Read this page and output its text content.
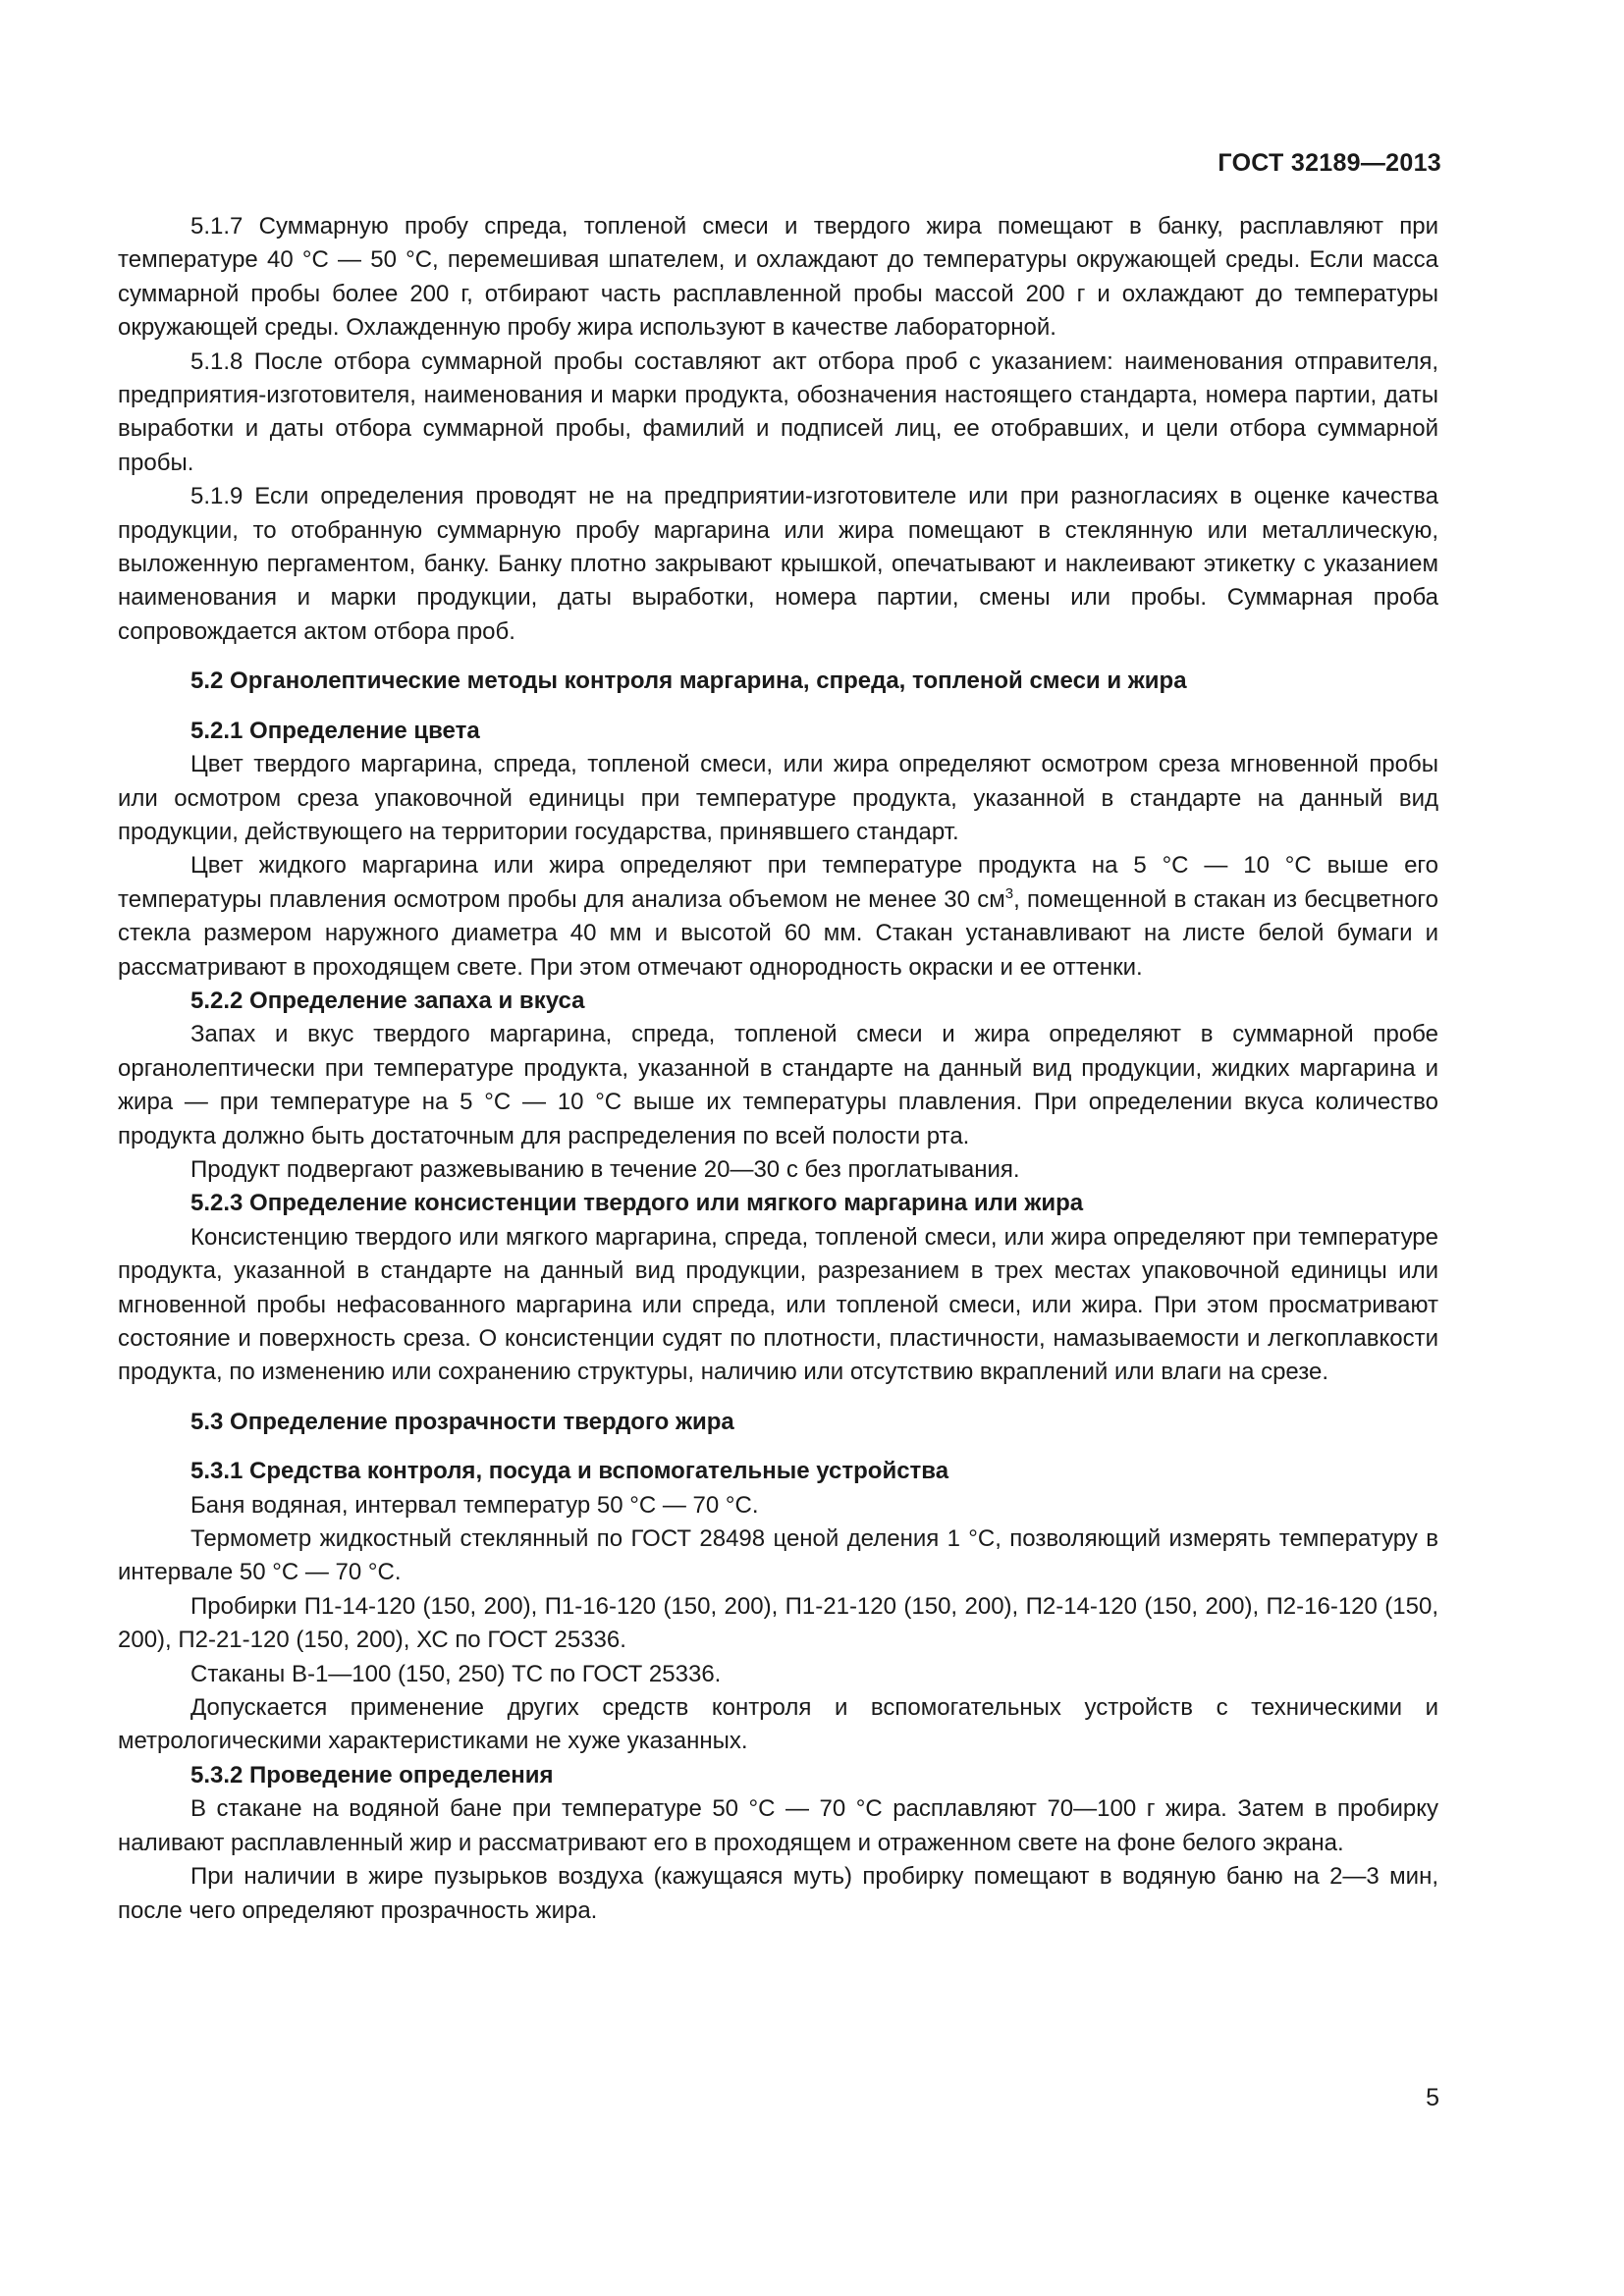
ГОСТ 32189—2013

5.1.7 Суммарную пробу спреда, топленой смеси и твердого жира помещают в банку, расплавляют при температуре 40 °С — 50 °С, перемешивая шпателем, и охлаждают до температуры окружающей среды. Если масса суммарной пробы более 200 г, отбирают часть расплавленной пробы массой 200 г и охлаждают до температуры окружающей среды. Охлажденную пробу жира используют в качестве лабораторной.

5.1.8 После отбора суммарной пробы составляют акт отбора проб с указанием: наименования отправителя, предприятия-изготовителя, наименования и марки продукта, обозначения настоящего стандарта, номера партии, даты выработки и даты отбора суммарной пробы, фамилий и подписей лиц, ее отобравших, и цели отбора суммарной пробы.

5.1.9 Если определения проводят не на предприятии-изготовителе или при разногласиях в оценке качества продукции, то отобранную суммарную пробу маргарина или жира помещают в стеклянную или металлическую, выложенную пергаментом, банку. Банку плотно закрывают крышкой, опечатывают и наклеивают этикетку с указанием наименования и марки продукции, даты выработки, номера партии, смены или пробы. Суммарная проба сопровождается актом отбора проб.

5.2 Органолептические методы контроля маргарина, спреда, топленой смеси и жира
5.2.1 Определение цвета

Цвет твердого маргарина, спреда, топленой смеси, или жира определяют осмотром среза мгновенной пробы или осмотром среза упаковочной единицы при температуре продукта, указанной в стандарте на данный вид продукции, действующего на территории государства, принявшего стандарт.

Цвет жидкого маргарина или жира определяют при температуре продукта на 5 °С — 10 °С выше его температуры плавления осмотром пробы для анализа объемом не менее 30 $см^3$, помещенной в стакан из бесцветного стекла размером наружного диаметра 40 мм и высотой 60 мм. Стакан устанавливают на листе белой бумаги и рассматривают в проходящем свете. При этом отмечают однородность окраски и ее оттенки.

5.2.2 Определение запаха и вкуса

Запах и вкус твердого маргарина, спреда, топленой смеси и жира определяют в суммарной пробе органолептически при температуре продукта, указанной в стандарте на данный вид продукции, жидких маргарина и жира — при температуре на 5 °С — 10 °С выше их температуры плавления. При определении вкуса количество продукта должно быть достаточным для распределения по всей полости рта.

Продукт подвергают разжевыванию в течение 20—30 с без проглатывания.

5.2.3 Определение консистенции твердого или мягкого маргарина или жира

Консистенцию твердого или мягкого маргарина, спреда, топленой смеси, или жира определяют при температуре продукта, указанной в стандарте на данный вид продукции, разрезанием в трех местах упаковочной единицы или мгновенной пробы нефасованного маргарина или спреда, или топленой смеси, или жира. При этом просматривают состояние и поверхность среза. О консистенции судят по плотности, пластичности, намазываемости и легкоплавкости продукта, по изменению или сохранению структуры, наличию или отсутствию вкраплений или влаги на срезе.

5.3 Определение прозрачности твердого жира
5.3.1 Средства контроля, посуда и вспомогательные устройства

Баня водяная, интервал температур 50 °С — 70 °С.

Термометр жидкостный стеклянный по ГОСТ 28498 ценой деления 1 °С, позволяющий измерять температуру в интервале 50 °С — 70 °С.

Пробирки П1-14-120 (150, 200), П1-16-120 (150, 200), П1-21-120 (150, 200), П2-14-120 (150, 200), П2-16-120 (150, 200), П2-21-120 (150, 200), ХС по ГОСТ 25336.

Стаканы В-1—100 (150, 250) ТС по ГОСТ 25336.

Допускается применение других средств контроля и вспомогательных устройств с техническими и метрологическими характеристиками не хуже указанных.

5.3.2 Проведение определения

В стакане на водяной бане при температуре 50 °С — 70 °С расплавляют 70—100 г жира. Затем в пробирку наливают расплавленный жир и рассматривают его в проходящем и отраженном свете на фоне белого экрана.

При наличии в жире пузырьков воздуха (кажущаяся муть) пробирку помещают в водяную баню на 2—3 мин, после чего определяют прозрачность жира.

5
